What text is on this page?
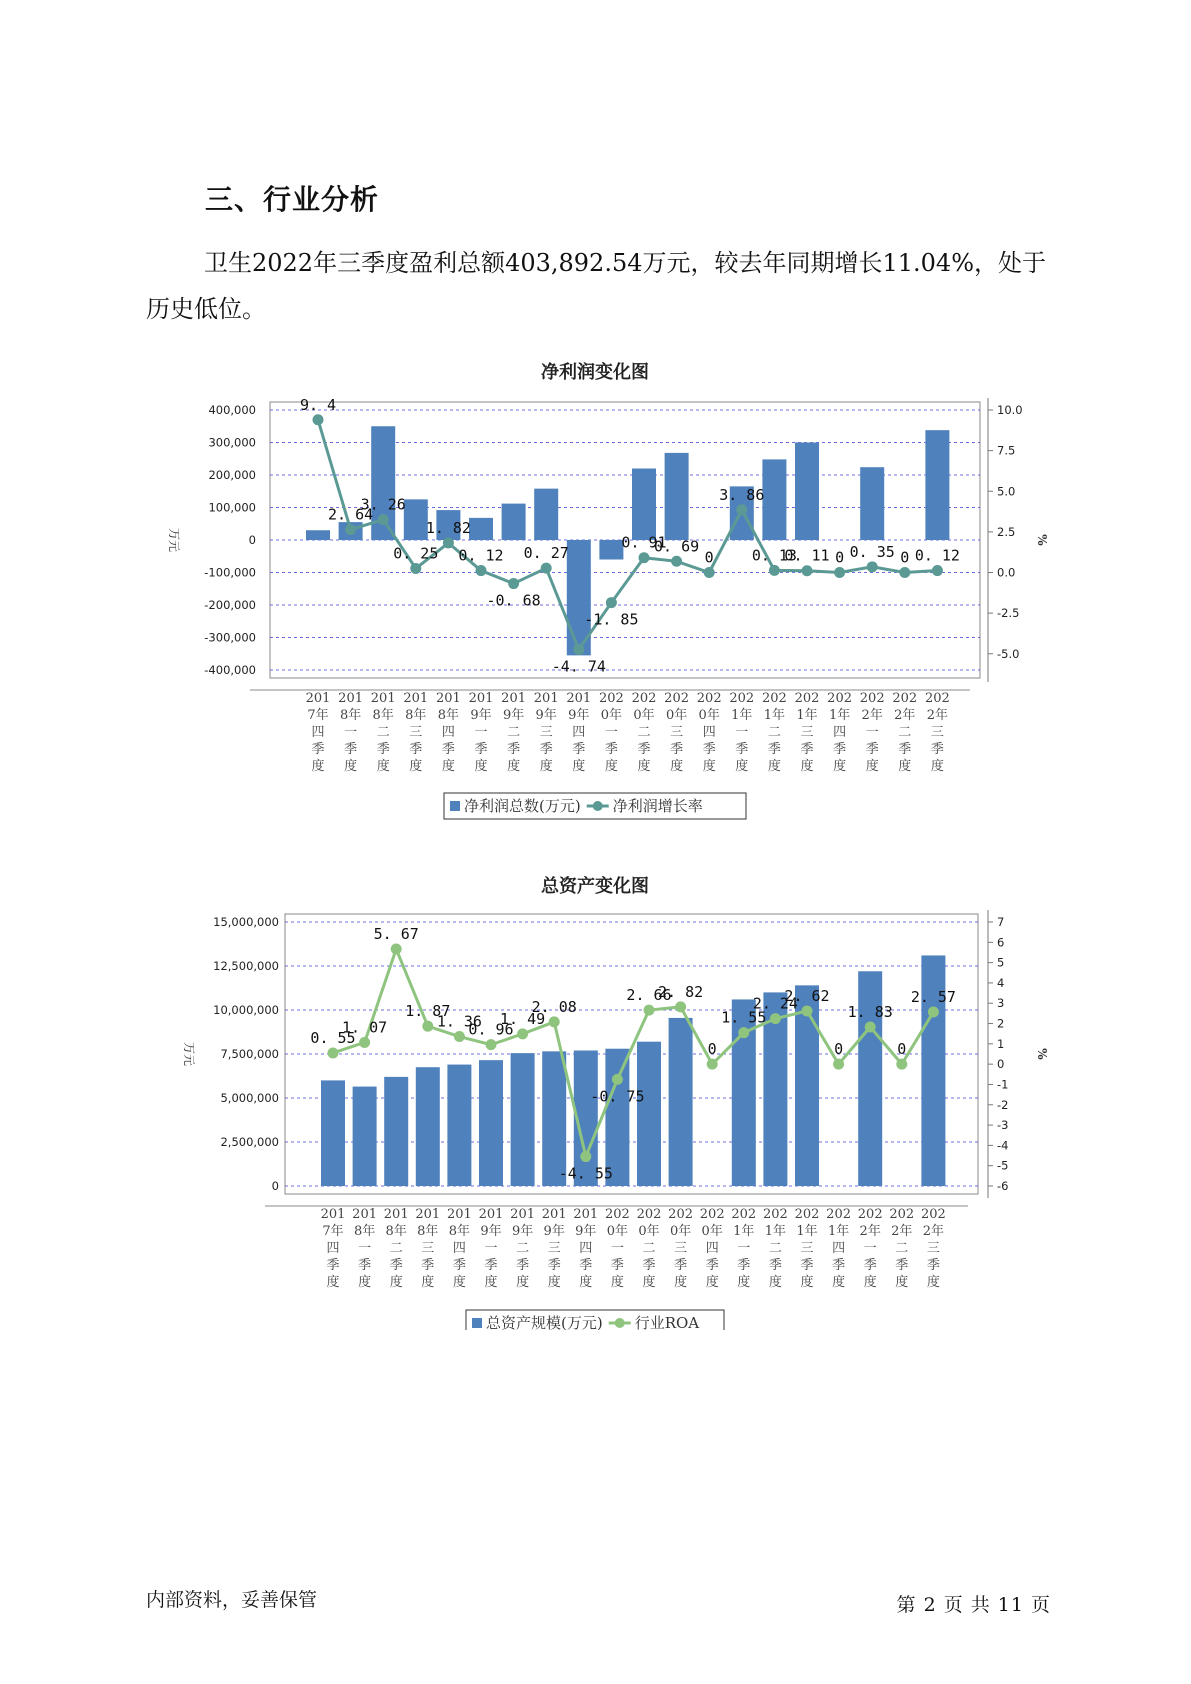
三、行业分析

卫生2022年三季度盈利总额403,892.54万元，较去年同期增长11.04%，处于历史低位。

净利润变化图
400,000
300,000
200,000
100,000
0
-100,000
-200,000
-300,000
-400,000
10.0
7.5
5.0
2.5
0.0
-2.5
-5.0
万元	%
9. 4
2. 64
3. 26
0. 25
1. 82
0. 12
-0. 68
0. 27
-4. 74
-1. 85
0. 91
0. 69
0
3. 86
0. 13
0. 11 0 0. 35 0 0. 12
201
7年
四
季
度
201
8年
一
季
度
201
8年
二
季
度
201
8年
三
季
度
201
8年
四
季
度
201
9年
一
季
度
201
9年
二
季
度
201
9年
三
季
度
201
9年
四
季
度
202
0年
一
季
度
202
0年
二
季
度
202
0年
三
季
度
202
0年
四
季
度
202
1年
一
季
度
202
1年
二
季
度
202
1年
三
季
度
202
1年
四
季
度
202
2年
一
季
度
202
2年
二
季
度
202
2年
三
季
度
净利润总数(万元) 净利润增长率
总资产变化图
15,000,000
12,500,000
10,000,000
7,500,000
5,000,000
2,500,000
0
7
6
5
4
3
2
1
0
-1
-2
-3
-4
-5
-6
万元	%
0. 55
1. 07
5. 67
1. 87
1. 36
0. 96
1. 49
2. 08
-4. 55
-0. 75
2. 66
2. 82
0
1. 55
2. 24
2. 62
0
1. 83
0
2. 57
201
7年
四
季
度
201
8年
一
季
度
201
8年
二
季
度
201
8年
三
季
度
201
8年
四
季
度
201
9年
一
季
度
201
9年
二
季
度
201
9年
三
季
度
201
9年
四
季
度
202
0年
一
季
度
202
0年
二
季
度
202
0年
三
季
度
202
0年
四
季
度
202
1年
一
季
度
202
1年
二
季
度
202
1年
三
季
度
202
1年
四
季
度
202
2年
一
季
度
202
2年
二
季
度
202
2年
三
季
度
总资产规模(万元) 行业ROA

内部资料，妥善保管	第 2 页 共 11 页
